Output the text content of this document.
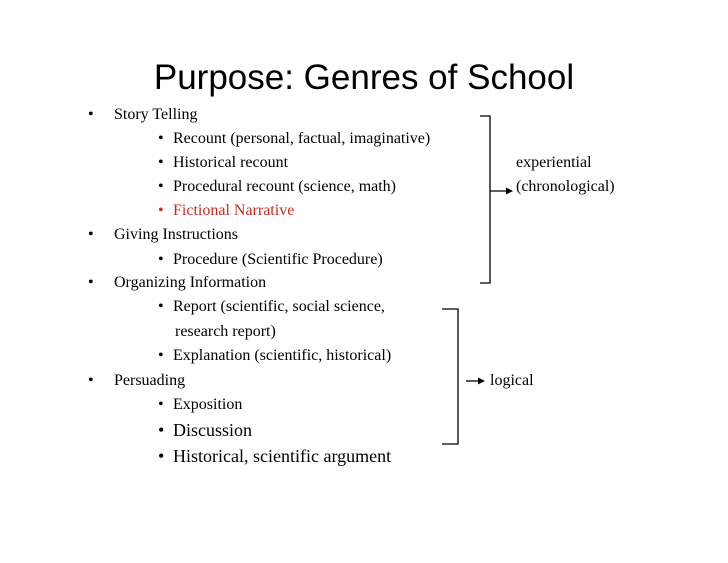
Purpose: Genres of School
• Story Telling
• Recount (personal, factual, imaginative)
• Historical recount
• Procedural recount (science, math)
• Fictional Narrative
• Giving Instructions
• Procedure (Scientific Procedure)
• Organizing Information
• Report (scientific, social science,
research report)
• Explanation (scientific, historical)
• Persuading
• Exposition
• Discussion
• Historical, scientific argument
experiential
(chronological)
logical
